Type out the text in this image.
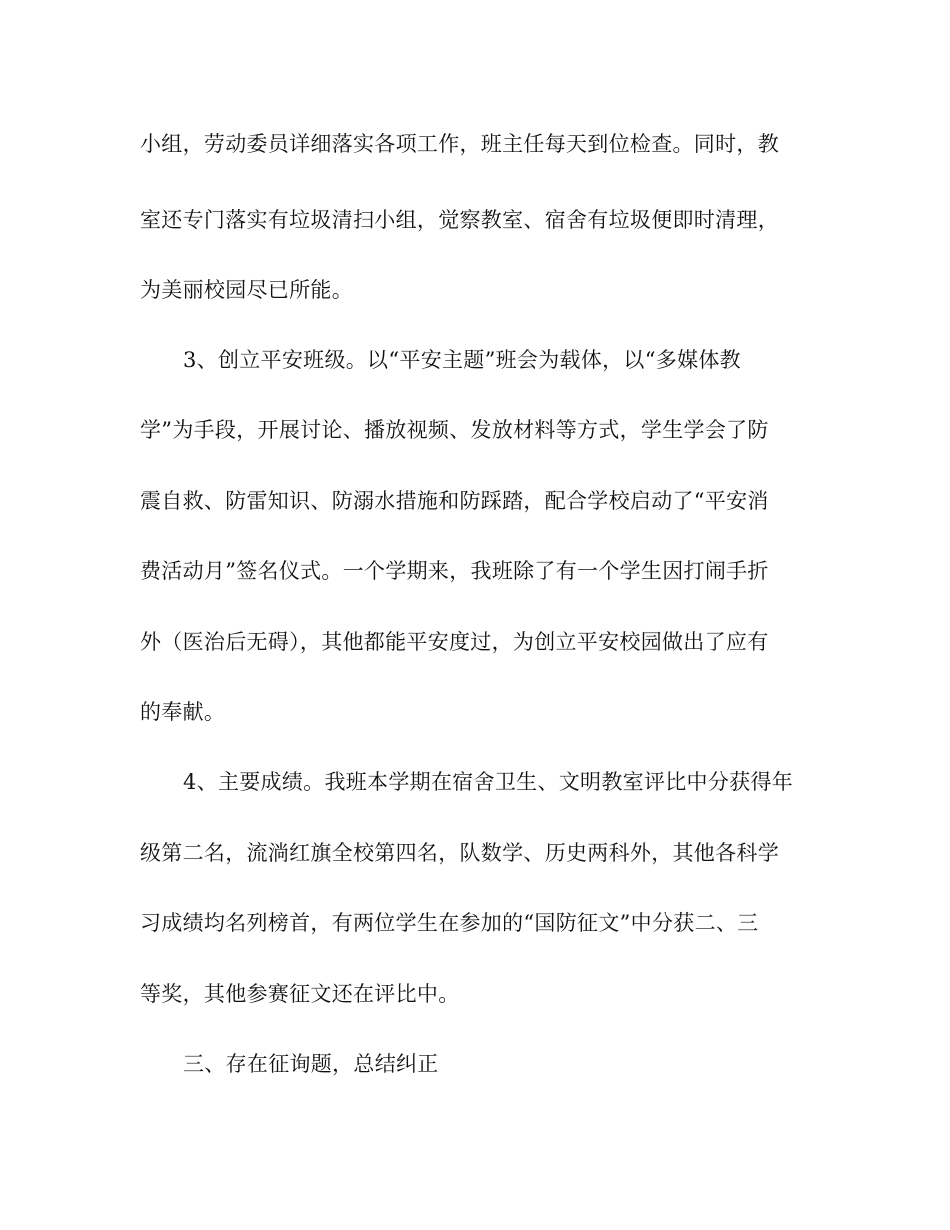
小组，劳动委员详细落实各项工作，班主任每天到位检查。同时，教
室还专门落实有垃圾清扫小组，觉察教室、宿舍有垃圾便即时清理，
为美丽校园尽已所能。
3、创立平安班级。以“平安主题”班会为载体，以“多媒体教
学”为手段，开展讨论、播放视频、发放材料等方式，学生学会了防
震自救、防雷知识、防溺水措施和防踩踏，配合学校启动了“平安消
费活动月”签名仪式。一个学期来，我班除了有一个学生因打闹手折
外（医治后无碍），其他都能平安度过，为创立平安校园做出了应有
的奉献。
4、主要成绩。我班本学期在宿舍卫生、文明教室评比中分获得年
级第二名，流淌红旗全校第四名，队数学、历史两科外，其他各科学
习成绩均名列榜首，有两位学生在参加的“国防征文”中分获二、三
等奖，其他参赛征文还在评比中。
三、存在征询题，总结纠正
